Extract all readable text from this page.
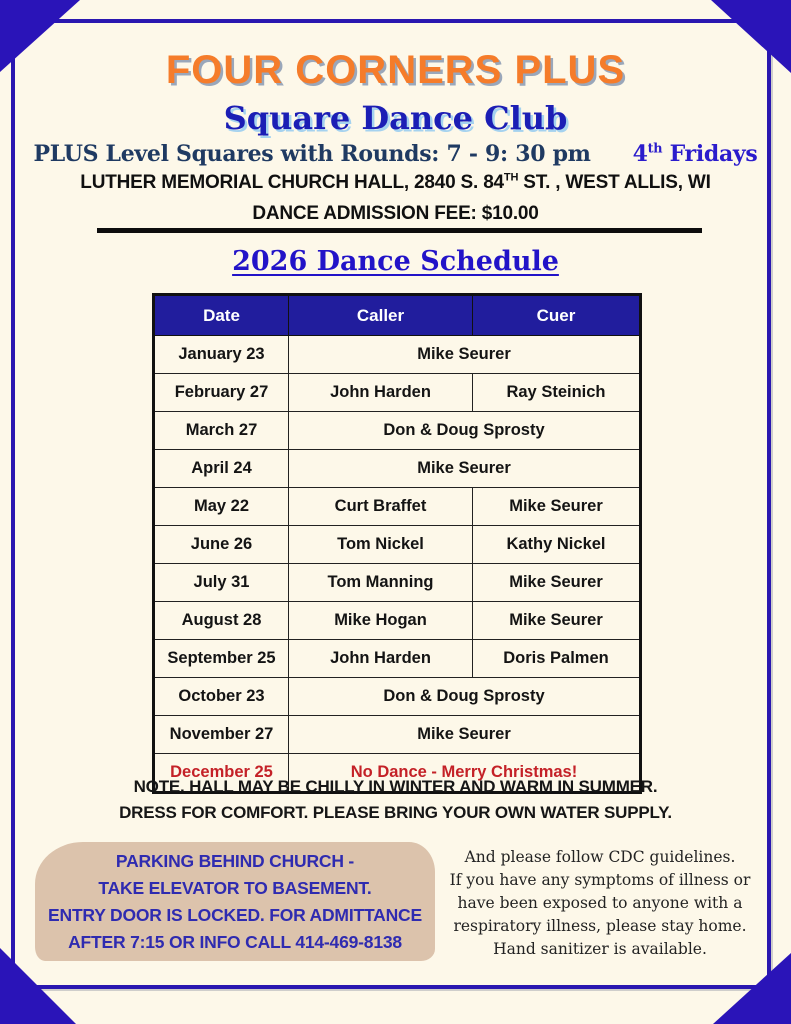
FOUR CORNERS PLUS
Square Dance Club
PLUS Level Squares with Rounds: 7 - 9: 30 pm 4th Fridays
LUTHER MEMORIAL CHURCH HALL, 2840 S. 84TH ST. , WEST ALLIS, WI
DANCE ADMISSION FEE: $10.00
2026 Dance Schedule
Date	Caller	Cuer
January 23	Mike Seurer	
February 27	John Harden	Ray Steinich
March 27	Don & Doug Sprosty	
April 24	Mike Seurer	
May 22	Curt Braffet	Mike Seurer
June 26	Tom Nickel	Kathy Nickel
July 31	Tom Manning	Mike Seurer
August 28	Mike Hogan	Mike Seurer
September 25	John Harden	Doris Palmen
October 23	Don & Doug Sprosty	
November 27	Mike Seurer	
December 25	No Dance - Merry Christmas!	
NOTE. HALL MAY BE CHILLY IN WINTER AND WARM IN SUMMER.
DRESS FOR COMFORT. PLEASE BRING YOUR OWN WATER SUPPLY.
PARKING BEHIND CHURCH -
TAKE ELEVATOR TO BASEMENT.
ENTRY DOOR IS LOCKED. FOR ADMITTANCE
AFTER 7:15 OR INFO CALL 414-469-8138
And please follow CDC guidelines.
If you have any symptoms of illness or
have been exposed to anyone with a
respiratory illness, please stay home.
Hand sanitizer is available.
